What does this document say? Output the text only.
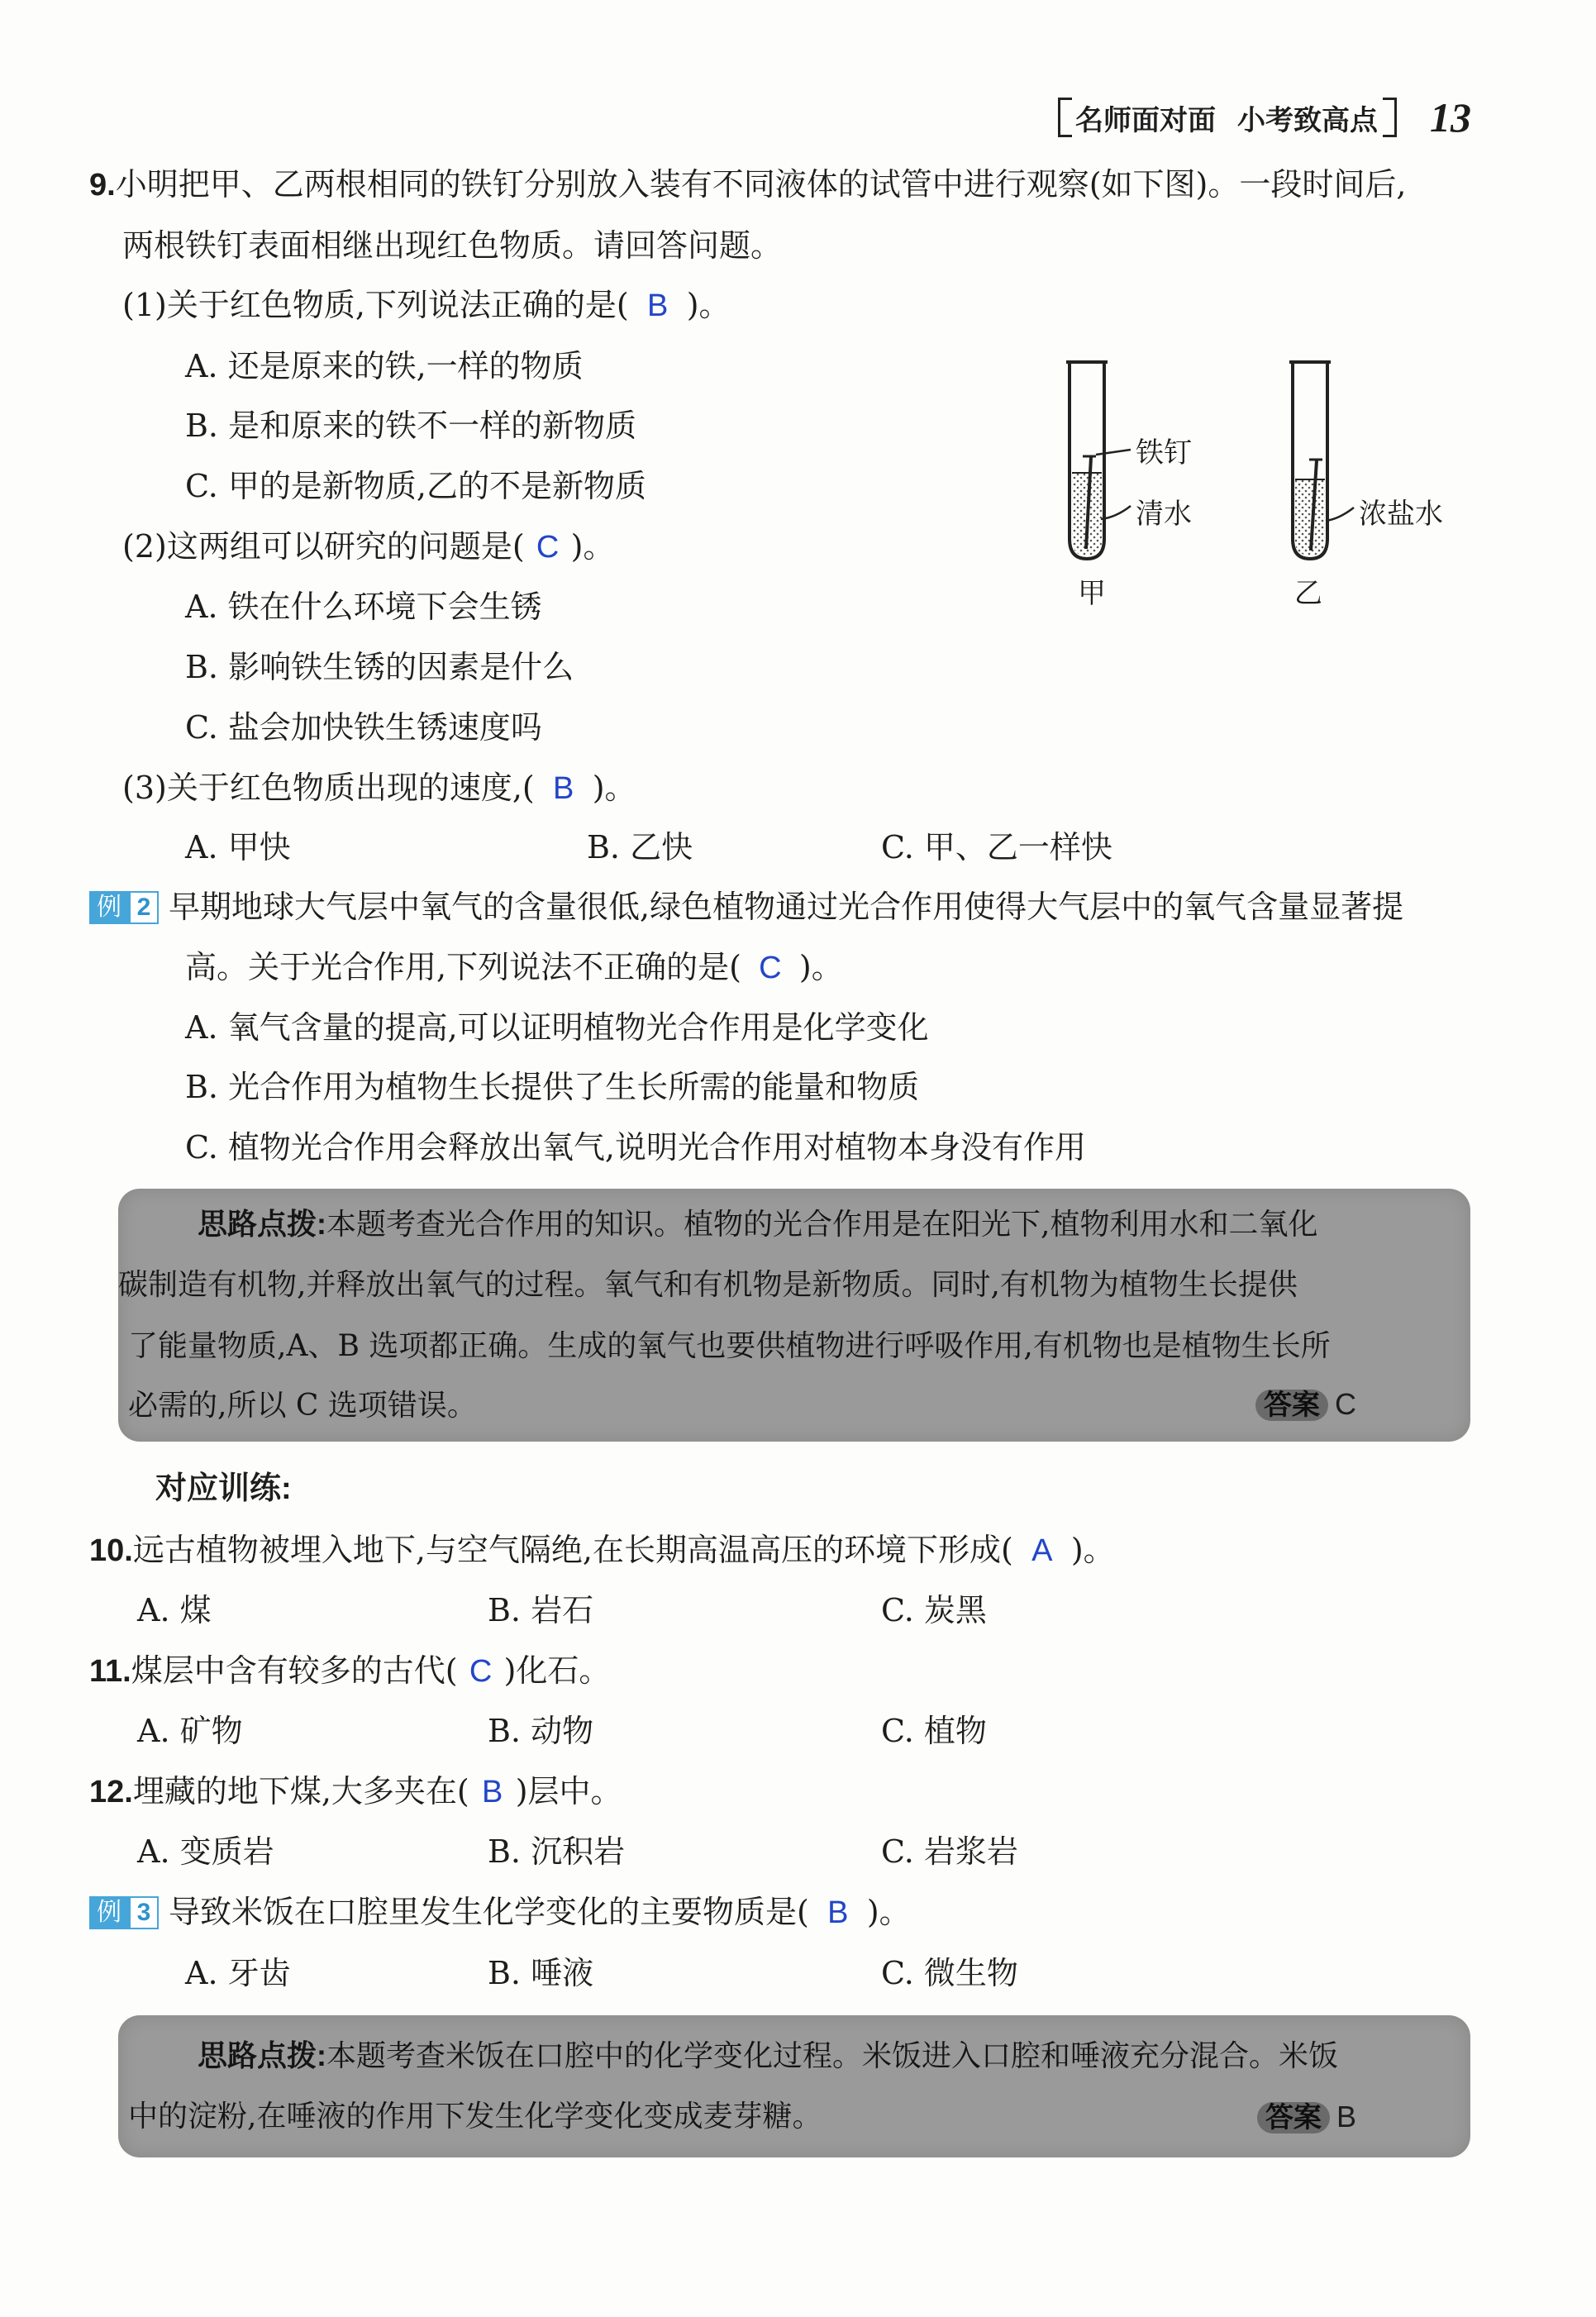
名师面对面 小考致高点 13
9.小明把甲、乙两根相同的铁钉分别放入装有不同液体的试管中进行观察(如下图)。一段时间后,
两根铁钉表面相继出现红色物质。请回答问题。
(1)关于红色物质,下列说法正确的是( B )。
A. 还是原来的铁,一样的物质
B. 是和原来的铁不一样的新物质
C. 甲的是新物质,乙的不是新物质
(2)这两组可以研究的问题是( C )。
A. 铁在什么环境下会生锈
B. 影响铁生锈的因素是什么
C. 盐会加快铁生锈速度吗
(3)关于红色物质出现的速度,( B )。
A. 甲快	B. 乙快	C. 甲、乙一样快
铁钉
清水	浓盐水
甲	乙
例 2 早期地球大气层中氧气的含量很低,绿色植物通过光合作用使得大气层中的氧气含量显著提
高。关于光合作用,下列说法不正确的是( C )。
A. 氧气含量的提高,可以证明植物光合作用是化学变化
B. 光合作用为植物生长提供了生长所需的能量和物质
C. 植物光合作用会释放出氧气,说明光合作用对植物本身没有作用
思路点拨:本题考查光合作用的知识。植物的光合作用是在阳光下,植物利用水和二氧化
碳制造有机物,并释放出氧气的过程。氧气和有机物是新物质。同时,有机物为植物生长提供
了能量物质,A、B 选项都正确。生成的氧气也要供植物进行呼吸作用,有机物也是植物生长所
必需的,所以 C 选项错误。	答案 C
对应训练:
10.远古植物被埋入地下,与空气隔绝,在长期高温高压的环境下形成( A )。
A. 煤	B. 岩石	C. 炭黑
11.煤层中含有较多的古代( C )化石。
A. 矿物	B. 动物	C. 植物
12.埋藏的地下煤,大多夹在( B )层中。
A. 变质岩	B. 沉积岩	C. 岩浆岩
例 3 导致米饭在口腔里发生化学变化的主要物质是( B )。
A. 牙齿	B. 唾液	C. 微生物
思路点拨:本题考查米饭在口腔中的化学变化过程。米饭进入口腔和唾液充分混合。米饭
中的淀粉,在唾液的作用下发生化学变化变成麦芽糖。	答案 B
